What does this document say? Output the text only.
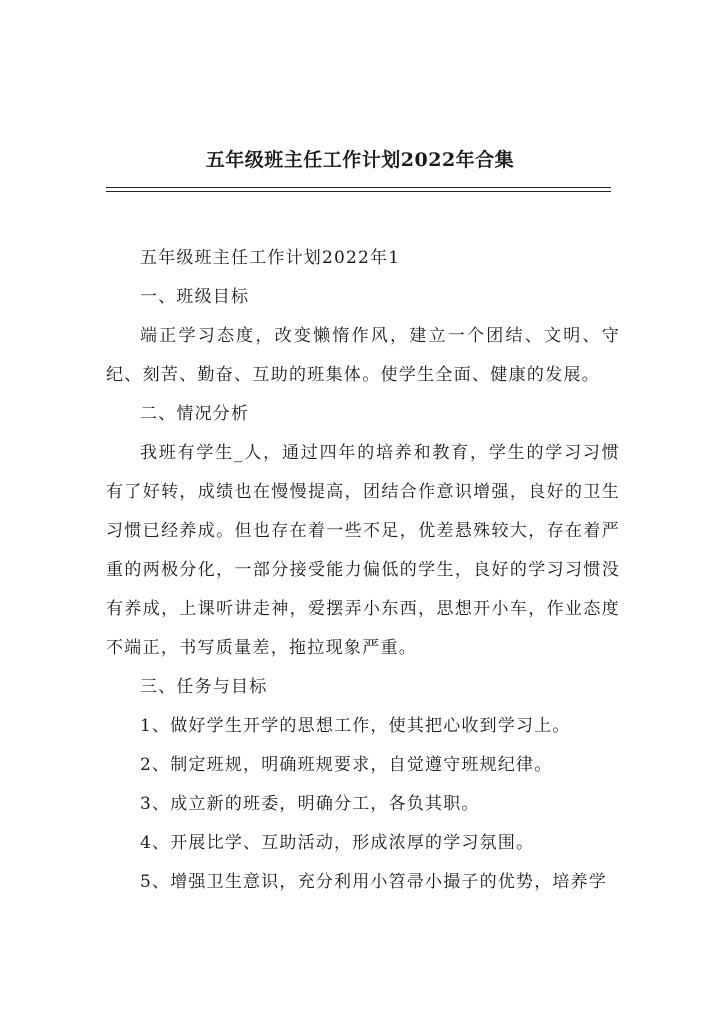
五年级班主任工作计划2022年合集

五年级班主任工作计划2022年1

一、班级目标

端正学习态度，改变懒惰作风，建立一个团结、文明、守纪、刻苦、勤奋、互助的班集体。使学生全面、健康的发展。

二、情况分析

我班有学生_人，通过四年的培养和教育，学生的学习习惯有了好转，成绩也在慢慢提高，团结合作意识增强，良好的卫生习惯已经养成。但也存在着一些不足，优差悬殊较大，存在着严重的两极分化，一部分接受能力偏低的学生，良好的学习习惯没有养成，上课听讲走神，爱摆弄小东西，思想开小车，作业态度不端正，书写质量差，拖拉现象严重。

三、任务与目标

1、做好学生开学的思想工作，使其把心收到学习上。

2、制定班规，明确班规要求，自觉遵守班规纪律。

3、成立新的班委，明确分工，各负其职。

4、开展比学、互助活动，形成浓厚的学习氛围。

5、增强卫生意识，充分利用小笤帚小撮子的优势，培养学
